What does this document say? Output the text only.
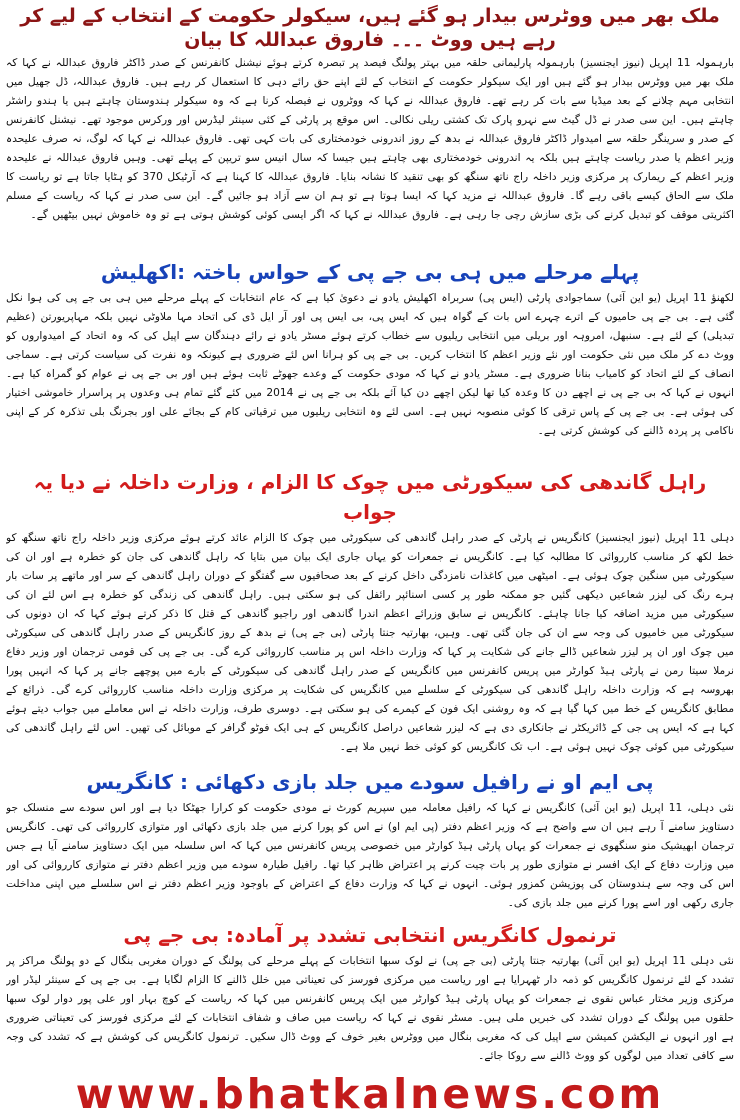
ملک بھر میں ووٹرس بیدار ہو گئے ہیں، سیکولر حکومت کے انتخاب کے لیے کر رہے ہیں ووٹ ۔۔۔ فاروق عبداللہ کا بیان

بارہمولہ 11 اپریل (نیوز ایجنسیز) بارہمولہ پارلیمانی حلقہ میں بہتر پولنگ فیصد پر تبصرہ کرتے ہوئے نیشنل کانفرنس کے صدر ڈاکٹر فاروق عبداللہ نے کہا کہ ملک بھر میں ووٹرس بیدار ہو گئے ہیں اور ایک سیکولر حکومت کے انتخاب کے لئے اپنے حق رائے دہی کا استعمال کر رہے ہیں۔ فاروق عبداللہ، ڈل جھیل میں انتخابی مہم چلانے کے بعد میڈیا سے بات کر رہے تھے۔ فاروق عبداللہ نے کہا کہ ووٹروں نے فیصلہ کرنا ہے کہ وہ سیکولر ہندوستان چاہتے ہیں یا ہندو راشٹر چاہتے ہیں۔ این سی صدر نے ڈل گیٹ سے نہرو پارک تک کشتی ریلی نکالی۔ اس موقع پر پارٹی کے کئی سینئر لیڈرس اور ورکرس موجود تھے۔ نیشنل کانفرنس کے صدر و سرینگر حلقہ سے امیدوار ڈاکٹر فاروق عبداللہ نے بدھ کے روز اندرونی خودمختاری کی بات کہی تھی۔ فاروق عبداللہ نے کہا کہ لوگ، نہ صرف علیحدہ وزیر اعظم یا صدر ریاست چاہتے ہیں بلکہ یہ اندرونی خودمختاری بھی چاہتے ہیں جیسا کہ سال انیس سو تریپن کے پہلے تھی۔ وہیں فاروق عبداللہ نے علیحدہ وزیر اعظم کے ریمارک پر مرکزی وزیر داخلہ راج ناتھ سنگھ کو بھی تنقید کا نشانہ بنایا۔ فاروق عبداللہ کا کہنا ہے کہ آرٹیکل 370 کو ہٹایا جاتا ہے تو ریاست کا ملک سے الحاق کیسے باقی رہے گا۔ فاروق عبداللہ نے مزید کہا کہ ایسا ہوتا ہے تو ہم ان سے آزاد ہو جائیں گے۔ این سی صدر نے کہا کہ ریاست کے مسلم اکثریتی موقف کو تبدیل کرنے کی بڑی سازش رچی جا رہی ہے۔ فاروق عبداللہ نے کہا کہ اگر ایسی کوئی کوشش ہوتی ہے تو وہ خاموش نہیں بیٹھیں گے۔

پہلے مرحلے میں ہی بی جے پی کے حواس باختہ :اکھلیش

لکھنؤ 11 اپریل (یو این آئی) سماجوادی پارٹی (ایس پی) سربراہ اکھلیش یادو نے دعویٰ کیا ہے کہ عام انتخابات کے پہلے مرحلے میں ہی بی جے پی کی ہوا نکل گئی ہے۔ بی جے پی حامیوں کے اترے چہرے اس بات کے گواہ ہیں کہ ایس پی، بی ایس پی اور آر ایل ڈی کی اتحاد مہا ملاوٹی نہیں بلکہ مہاپریورتن (عظیم تبدیلی) کے لئے ہے۔ سنبھل، امروہہ اور بریلی میں انتخابی ریلیوں سے خطاب کرتے ہوئے مسٹر یادو نے رائے دہندگان سے اپیل کی کہ وہ اتحاد کے امیدواروں کو ووٹ دے کر ملک میں نئی حکومت اور نئے وزیر اعظم کا انتخاب کریں۔ بی جے پی کو ہرانا اس لئے ضروری ہے کیونکہ وہ نفرت کی سیاست کرتی ہے۔ سماجی انصاف کے لئے اتحاد کو کامیاب بنانا ضروری ہے۔ مسٹر یادو نے کہا کہ مودی حکومت کے وعدے جھوٹے ثابت ہوئے ہیں اور بی جے پی نے عوام کو گمراہ کیا ہے۔ انہوں نے کہا کہ بی جے پی نے اچھے دن کا وعدہ کیا تھا لیکن اچھے دن کیا آئے بلکہ بی جے پی نے 2014 میں کئے گئے تمام ہی وعدوں پر پراسرار خاموشی اختیار کی ہوئی ہے۔ بی جے پی کے پاس ترقی کا کوئی منصوبہ نہیں ہے۔ اسی لئے وہ انتخابی ریلیوں میں ترقیاتی کام کے بجائے علی اور بجرنگ بلی تذکرہ کر کے اپنی ناکامی پر پردہ ڈالنے کی کوشش کرتی ہے۔

راہل گاندھی کی سیکورٹی میں چوک کا الزام ، وزارت داخلہ نے دیا یہ جواب

دہلی 11 اپریل (نیوز ایجنسیز) کانگریس نے پارٹی کے صدر راہل گاندھی کی سیکورٹی میں چوک کا الزام عائد کرتے ہوئے مرکزی وزیر داخلہ راج ناتھ سنگھ کو خط لکھ کر مناسب کارروائی کا مطالبہ کیا ہے۔ کانگریس نے جمعرات کو یہاں جاری ایک بیان میں بتایا کہ راہل گاندھی کی جان کو خطرہ ہے اور ان کی سیکورٹی میں سنگین چوک ہوئی ہے۔ امیٹھی میں کاغذات نامزدگی داخل کرنے کے بعد صحافیوں سے گفتگو کے دوران راہل گاندھی کے سر اور ماتھے پر سات بار ہرے رنگ کی لیزر شعاعیں دیکھی گئیں جو ممکنہ طور پر کسی اسنائپر رائفل کی ہو سکتی ہیں۔ راہل گاندھی کی زندگی کو خطرہ ہے اس لئے ان کی سیکورٹی میں مزید اضافہ کیا جانا چاہئے۔ کانگریس نے سابق وزرائے اعظم اندرا گاندھی اور راجیو گاندھی کے قتل کا ذکر کرتے ہوئے کہا کہ ان دونوں کی سیکورٹی میں خامیوں کی وجہ سے ان کی جان گئی تھی۔ وہیں، بھارتیہ جنتا پارٹی (بی جے پی) نے بدھ کے روز کانگریس کے صدر راہل گاندھی کی سیکورٹی میں چوک اور ان پر لیزر شعاعیں ڈالے جانے کی شکایت پر کہا کہ وزارت داخلہ اس پر مناسب کارروائی کرے گی۔ بی جے پی کی قومی ترجمان اور وزیر دفاع نرملا سیتا رمن نے پارٹی ہیڈ کوارٹر میں پریس کانفرنس میں کانگریس کے صدر راہل گاندھی کی سیکورٹی کے بارے میں پوچھے جانے پر کہا کہ انہیں پورا بھروسہ ہے کہ وزارت داخلہ راہل گاندھی کی سیکورٹی کے سلسلے میں کانگریس کی شکایت پر مرکزی وزارت داخلہ مناسب کارروائی کرے گی۔ ذرائع کے مطابق کانگریس کے خط میں کہا گیا ہے کہ وہ روشنی ایک فون کے کیمرے کی ہو سکتی ہے۔ دوسری طرف، وزارت داخلہ نے اس معاملے میں جواب دیتے ہوئے کہا ہے کہ ایس پی جی کے ڈائریکٹر نے جانکاری دی ہے کہ لیزر شعاعیں دراصل کانگریس کے ہی ایک فوٹو گرافر کے موبائل کی تھیں۔ اس لئے راہل گاندھی کی سیکورٹی میں کوئی چوک نہیں ہوئی ہے۔ اب تک کانگریس کو کوئی خط نہیں ملا ہے۔

پی ایم او نے رافیل سودے میں جلد بازی دکھائی : کانگریس

نئی دہلی، 11 اپریل (یو این آئی) کانگریس نے کہا کہ رافیل معاملہ میں سپریم کورٹ نے مودی حکومت کو کرارا جھٹکا دیا ہے اور اس سودے سے منسلک جو دستاویز سامنے آ رہے ہیں ان سے واضح ہے کہ وزیر اعظم دفتر (پی ایم او) نے اس کو پورا کرنے میں جلد بازی دکھائی اور متوازی کارروائی کی تھی۔ کانگریس ترجمان ابھیشیک منو سنگھوی نے جمعرات کو یہاں پارٹی ہیڈ کوارٹر میں خصوصی پریس کانفرنس میں کہا کہ اس سلسلہ میں ایک دستاویز سامنے آیا ہے جس میں وزارت دفاع کے ایک افسر نے متوازی طور پر بات چیت کرنے پر اعتراض ظاہر کیا تھا۔ رافیل طیارہ سودے میں وزیر اعظم دفتر نے متوازی کارروائی کی اور اس کی وجہ سے ہندوستان کی پوزیشن کمزور ہوئی۔ انہوں نے کہا کہ وزارت دفاع کے اعتراض کے باوجود وزیر اعظم دفتر نے اس سلسلے میں اپنی مداخلت جاری رکھی اور اسے پورا کرنے میں جلد بازی کی۔

ترنمول کانگریس انتخابی تشدد پر آمادہ: بی جے پی

نئی دہلی 11 اپریل (یو این آئی) بھارتیہ جنتا پارٹی (بی جے پی) نے لوک سبھا انتخابات کے پہلے مرحلے کی پولنگ کے دوران مغربی بنگال کے دو پولنگ مراکز پر تشدد کے لئے ترنمول کانگریس کو ذمہ دار ٹھہرایا ہے اور ریاست میں مرکزی فورسز کی تعیناتی میں خلل ڈالنے کا الزام لگایا ہے۔ بی جے پی کے سینئر لیڈر اور مرکزی وزیر مختار عباس نقوی نے جمعرات کو یہاں پارٹی ہیڈ کوارٹر میں ایک پریس کانفرنس میں کہا کہ ریاست کے کوچ بہار اور علی پور دوار لوک سبھا حلقوں میں پولنگ کے دوران تشدد کی خبریں ملی ہیں۔ مسٹر نقوی نے کہا کہ ریاست میں صاف و شفاف انتخابات کے لئے مرکزی فورسز کی تعیناتی ضروری ہے اور انہوں نے الیکشن کمیشن سے اپیل کی کہ مغربی بنگال میں ووٹرس بغیر خوف کے ووٹ ڈال سکیں۔ ترنمول کانگریس کی کوشش ہے کہ تشدد کی وجہ سے کافی تعداد میں لوگوں کو ووٹ ڈالنے سے روکا جائے۔

www.bhatkalnews.com
